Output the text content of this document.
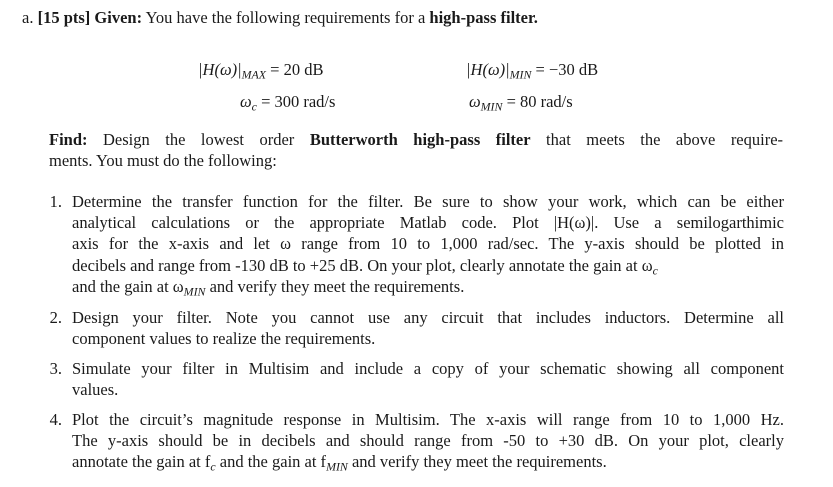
a. [15 pts] Given: You have the following requirements for a high-pass filter.
$|H(\omega)|_{MAX} = 20$ dB	$|H(\omega)|_{MIN} = -30$ dB
$\omega_c = 300$ rad/s	$\omega_{MIN} = 80$ rad/s
Find: Design the lowest order Butterworth high-pass filter that meets the above require-
ments. You must do the following:
1. Determine the transfer function for the filter. Be sure to show your work, which can be either
analytical calculations or the appropriate Matlab code. Plot |H(ω)|. Use a semilogarthimic
axis for the x-axis and let ω range from 10 to 1,000 rad/sec. The y-axis should be plotted in
decibels and range from -130 dB to +25 dB. On your plot, clearly annotate the gain at $\omega_c$
and the gain at $\omega_{MIN}$ and verify they meet the requirements.
2. Design your filter. Note you cannot use any circuit that includes inductors. Determine all
component values to realize the requirements.
3. Simulate your filter in Multisim and include a copy of your schematic showing all component
values.
4. Plot the circuit’s magnitude response in Multisim. The x-axis will range from 10 to 1,000 Hz.
The y-axis should be in decibels and should range from -50 to +30 dB. On your plot, clearly
annotate the gain at $f_c$ and the gain at $f_{MIN}$ and verify they meet the requirements.
